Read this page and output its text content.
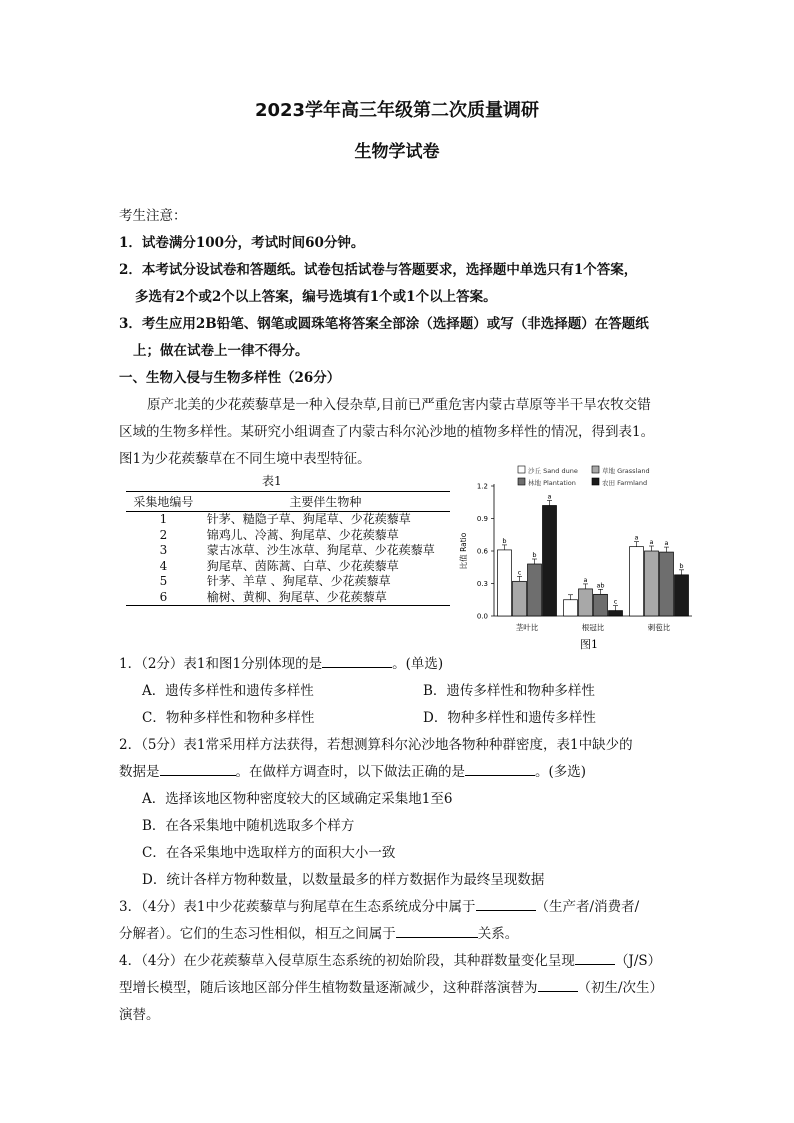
2023学年高三年级第二次质量调研
生物学试卷
考生注意：
1．试卷满分100分，考试时间60分钟。
2．本考试分设试卷和答题纸。试卷包括试卷与答题要求，选择题中单选只有1个答案，
多选有2个或2个以上答案，编号选填有1个或1个以上答案。
3．考生应用2B铅笔、钢笔或圆珠笔将答案全部涂（选择题）或写（非选择题）在答题纸
上；做在试卷上一律不得分。
一、生物入侵与生物多样性（26分）
原产北美的少花蒺藜草是一种入侵杂草,目前已严重危害内蒙古草原等半干旱农牧交错
区域的生物多样性。某研究小组调查了内蒙古科尔沁沙地的植物多样性的情况，得到表1。
图1为少花蒺藜草在不同生境中表型特征。
表1
采集地编号	主要伴生物种
1	针茅、糙隐子草、狗尾草、少花蒺藜草
2	锦鸡儿、冷蒿、狗尾草、少花蒺藜草
3	蒙古冰草、沙生冰草、狗尾草、少花蒺藜草
4	狗尾草、茵陈蒿、白草、少花蒺藜草
5	针茅、羊草 、狗尾草、少花蒺藜草
6	榆树、黄柳、狗尾草、少花蒺藜草
沙丘 Sand dune	草地 Grassland
林地 Plantation	农田 Farmland
0.0
0.3
0.6
0.9
1.2
比值 Ratio	b
c
b
a
茎叶比
a
ab
c
根冠比
a
a a
b
刺苞比
图1
1．（2分）表1和图1分别体现的是	。(单选)
A．遗传多样性和遗传多样性	B．遗传多样性和物种多样性
C．物种多样性和物种多样性	D．物种多样性和遗传多样性
2．（5分）表1常采用样方法获得，若想测算科尔沁沙地各物种种群密度，表1中缺少的
数据是	。在做样方调查时，以下做法正确的是	。(多选)
A．选择该地区物种密度较大的区域确定采集地1至6
B．在各采集地中随机选取多个样方
C．在各采集地中选取样方的面积大小一致
D．统计各样方物种数量，以数量最多的样方数据作为最终呈现数据
3．（4分）表1中少花蒺藜草与狗尾草在生态系统成分中属于	（生产者/消费者/
分解者）。它们的生态习性相似，相互之间属于	关系。
4．（4分）在少花蒺藜草入侵草原生态系统的初始阶段，其种群数量变化呈现	（J/S）
型增长模型，随后该地区部分伴生植物数量逐渐减少，这种群落演替为	（初生/次生）
演替。
